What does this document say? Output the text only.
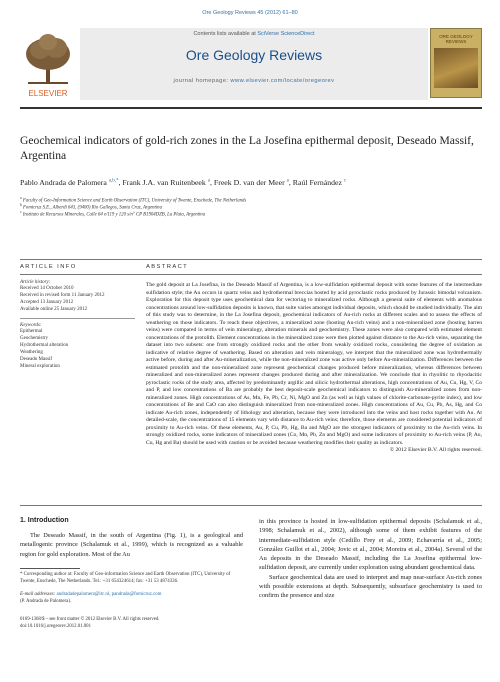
Ore Geology Reviews 45 (2012) 61–80
ELSEVIER
Contents lists available at SciVerse ScienceDirect
Ore Geology Reviews
journal homepage: www.elsevier.com/locate/oregeorev
ORE GEOLOGY REVIEWS
Geochemical indicators of gold-rich zones in the La Josefina epithermal deposit, Deseado Massif, Argentina
Pablo Andrada de Palomera $^{a,b,*}$, Frank J.A. van Ruitenbeek $^a$, Freek D. van der Meer $^a$, Raúl Fernández $^c$
$^a$ Faculty of Geo-Information Science and Earth Observation (ITC), University of Twente, Enschede, The Netherlands
$^b$ Fomicruz S.E., Alberdi 643, (9400) Río Gallegos, Santa Cruz, Argentina
$^c$ Instituto de Recursos Minerales, Calle 64 e/119 y 120 s/n° CP B1904DZB, La Plata, Argentina
ARTICLE INFO	ABSTRACT
Article history:
Received 14 October 2010
Received in revised form 11 January 2012
Accepted 13 January 2012
Available online 25 January 2012
Keywords:
Epithermal
Geochemistry
Hydrothermal alteration
Weathering
Deseado Massif
Mineral exploration
The gold deposit at La Josefina, in the Deseado Massif of Argentina, is a low-sulfidation epithermal deposit with some features of the intermediate sulfidation style; the Au occurs in quartz veins and hydrothermal breccias hosted by acid pyroclastic rocks produced by Jurassic bimodal volcanism. Exploration for this deposit type uses geochemical data for vectoring to mineralized rocks. Although a general suite of elements with anomalous concentrations around low-sulfidation deposits is known, that suite varies amongst individual deposits, which should be studied individually. The aim of this study was to determine, in the La Josefina deposit, geochemical indicators of Au-rich rocks at different scales and to assess the effects of weathering on those indicators. To reach these objectives, a mineralized zone (hosting Au-rich veins) and a non-mineralized zone (hosting barren veins) were compared in terms of vein mineralogy, alteration minerals and geochemistry. These zones were also compared with estimated element concentrations of the protolith. Element concentrations in the mineralized zone were then plotted against distance to the Au-rich veins, separating the dataset into two subsets: one from strongly oxidized rocks and the other from weakly oxidized rocks, considering the degree of oxidation as indicative of relative degree of weathering. Based on alteration and vein mineralogy, we interpret that the mineralized zone was hydrothermally active before, during and after Au-mineralization, while the non-mineralized zone was active only before Au-mineralization. Differences between the estimated protolith and the non-mineralized zone represent geochemical changes produced before mineralization, whereas differences between mineralized and non-mineralized zones represent changes produced during and after mineralization. We conclude that in rhyolitic to rhyodacitic pyroclastic rocks of the study area, affected by predominantly argillic and silicic hydrothermal alterations, high concentrations of Au, Cu, Hg, V, Co and P, and low concentrations of Ba are probably the best deposit-scale geochemical indicators to distinguish Au-mineralized zones from non-mineralized zones. High concentrations of As, Mn, Fe, Pb, Cr, Ni, MgO and Zn (as well as high values of chlorite-carbonate-pyrite index), and low concentrations of Be and CaO can also distinguish mineralized from non-mineralized zones. High concentrations of Au, Cu, Pb, As, Hg, and Co indicate Au-rich zones, independently of lithology and alteration, because they were introduced into the veins and host rocks together with Au. At detailed-scale, the concentrations of 15 elements vary with distance to Au-rich veins; therefore, those elements are considered potential indicators of proximity to Au-rich veins. Of these elements, Au, P, Cu, Pb, Hg, Ba and MgO are the strongest indicators of proximity to the Au-rich veins. In strongly oxidized rocks, some indicators of mineralized zones (Co, Mn, Pb, Zn and MgO) and some indicators of proximity to Au-rich veins (P, Au, Cu, Hg and Ba) should be used with caution or be avoided because weathering modifies their quality as indicators.
© 2012 Elsevier B.V. All rights reserved.
1. Introduction
The Deseado Massif, in the south of Argentina (Fig. 1), is a geological and metallogenic province (Schalamuk et al., 1999), which is recognized as a valuable region for gold exploration. Most of the Au
in this province is hosted in low-sulfidation epithermal deposits (Schalamuk et al., 1998; Schalamuk et al., 2002), although some of them exhibit features of the intermediate-sulfidation style (Cedillo Frey et al., 2009; Echavarría et al., 2005; González Guillot et al., 2004; Jovic et al., 2004; Moreira et al., 2004a). Several of the Au deposits in the Deseado Massif, including the La Josefina epithermal low-sulfidation deposit, are currently under exploration using abundant geochemical data.
Surface geochemical data are used to interpret and map near-surface Au-rich zones with possible extensions at depth. Subsequently, subsurface geochemistry is used to confirm the presence and size
* Corresponding author at: Faculty of Geo-information Science and Earth Observation (ITC), University of Twente, Enschede, The Netherlands. Tel.: +31 654324614; fax: +31 53 4874336.
E-mail addresses: andradadepalomera@itc.nl, pandrada@fomicruz.com
(P. Andrada de Palomera).
0169-1368/$ – see front matter © 2012 Elsevier B.V. All rights reserved.
doi:10.1016/j.oregeorev.2012.01.001
